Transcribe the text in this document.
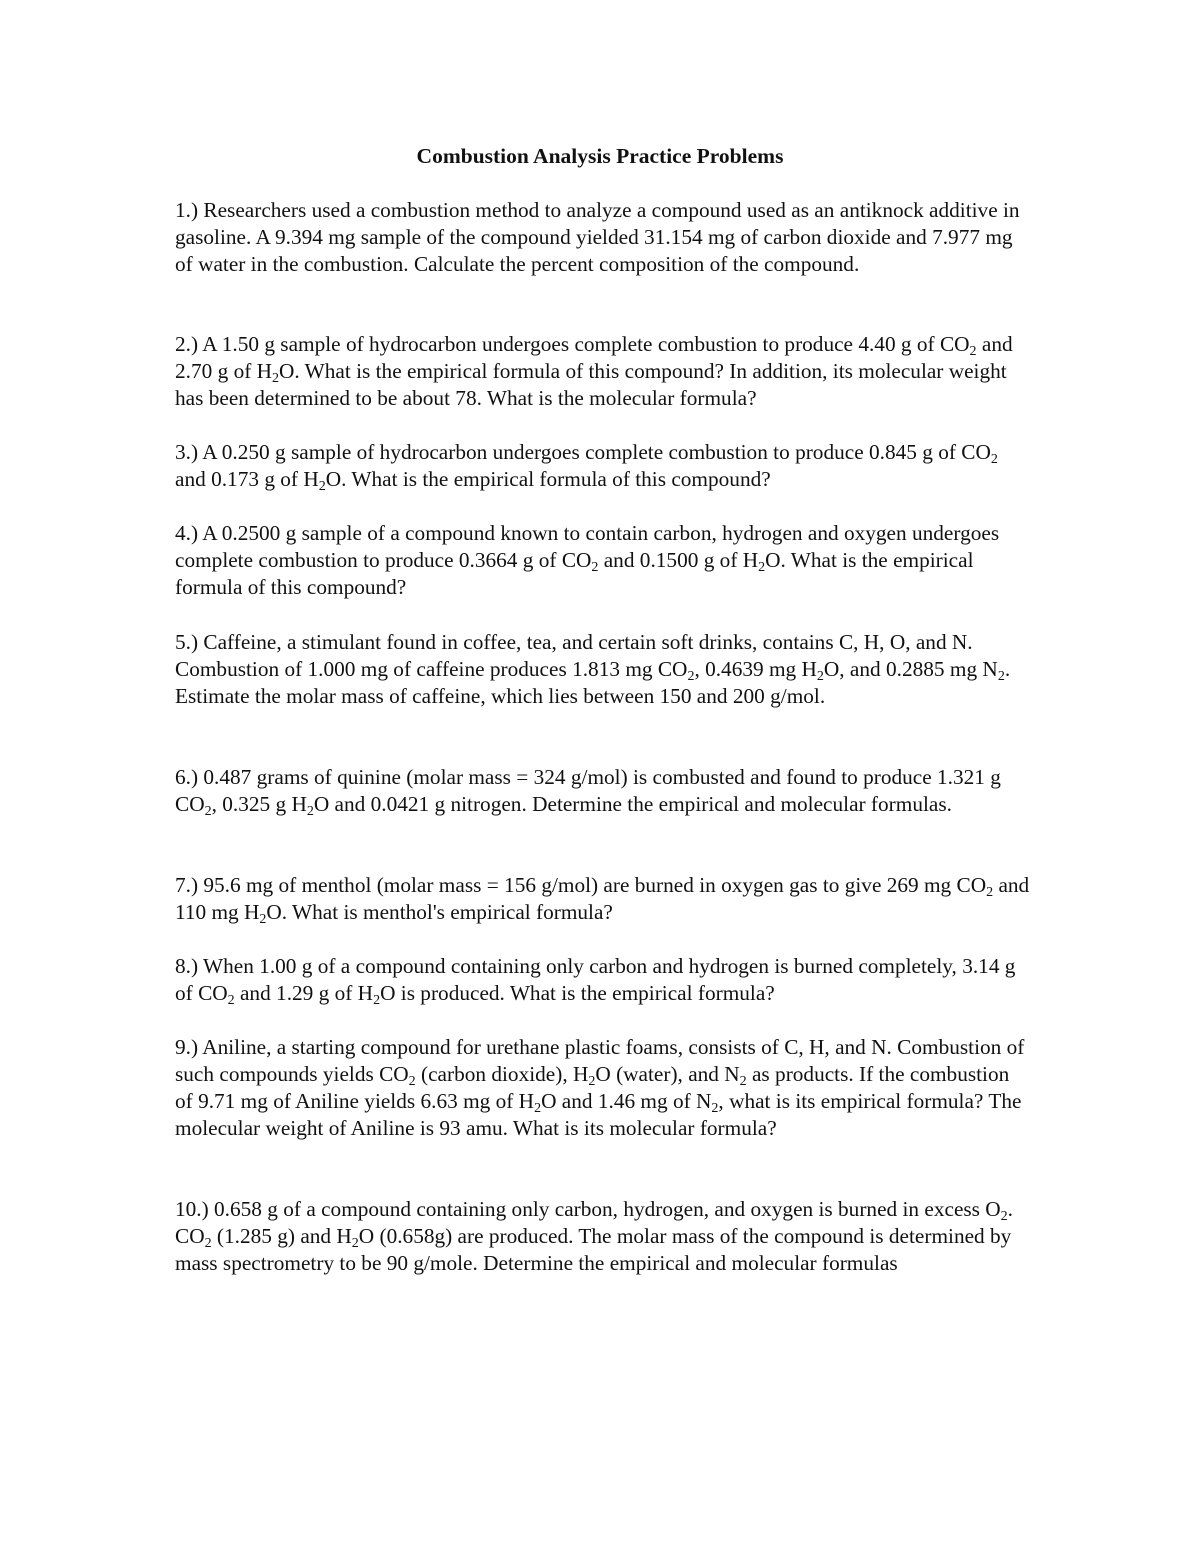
Combustion Analysis Practice Problems

1.) Researchers used a combustion method to analyze a compound used as an antiknock additive in gasoline. A 9.394 mg sample of the compound yielded 31.154 mg of carbon dioxide and 7.977 mg of water in the combustion. Calculate the percent composition of the compound.

2.) A 1.50 g sample of hydrocarbon undergoes complete combustion to produce 4.40 g of $CO_2$ and 2.70 g of $H_2O$. What is the empirical formula of this compound? In addition, its molecular weight has been determined to be about 78. What is the molecular formula?

3.) A 0.250 g sample of hydrocarbon undergoes complete combustion to produce 0.845 g of $CO_2$ and 0.173 g of $H_2O$. What is the empirical formula of this compound?

4.) A 0.2500 g sample of a compound known to contain carbon, hydrogen and oxygen undergoes complete combustion to produce 0.3664 g of $CO_2$ and 0.1500 g of $H_2O$. What is the empirical formula of this compound?

5.) Caffeine, a stimulant found in coffee, tea, and certain soft drinks, contains C, H, O, and N. Combustion of 1.000 mg of caffeine produces 1.813 mg $CO_2$, 0.4639 mg $H_2O$, and 0.2885 mg $N_2$. Estimate the molar mass of caffeine, which lies between 150 and 200 g/mol.

6.) 0.487 grams of quinine (molar mass = 324 g/mol) is combusted and found to produce 1.321 g $CO_2$, 0.325 g $H_2O$ and 0.0421 g nitrogen. Determine the empirical and molecular formulas.

7.) 95.6 mg of menthol (molar mass = 156 g/mol) are burned in oxygen gas to give 269 mg $CO_2$ and 110 mg $H_2O$. What is menthol's empirical formula?

8.) When 1.00 g of a compound containing only carbon and hydrogen is burned completely, 3.14 g of $CO_2$ and 1.29 g of $H_2O$ is produced. What is the empirical formula?

9.) Aniline, a starting compound for urethane plastic foams, consists of C, H, and N. Combustion of such compounds yields $CO_2$ (carbon dioxide), $H_2O$ (water), and $N_2$ as products. If the combustion of 9.71 mg of Aniline yields 6.63 mg of $H_2O$ and 1.46 mg of $N_2$, what is its empirical formula? The molecular weight of Aniline is 93 amu. What is its molecular formula?

10.) 0.658 g of a compound containing only carbon, hydrogen, and oxygen is burned in excess $O_2$. $CO_2$ (1.285 g) and $H_2O$ (0.658g) are produced. The molar mass of the compound is determined by mass spectrometry to be 90 g/mole. Determine the empirical and molecular formulas
